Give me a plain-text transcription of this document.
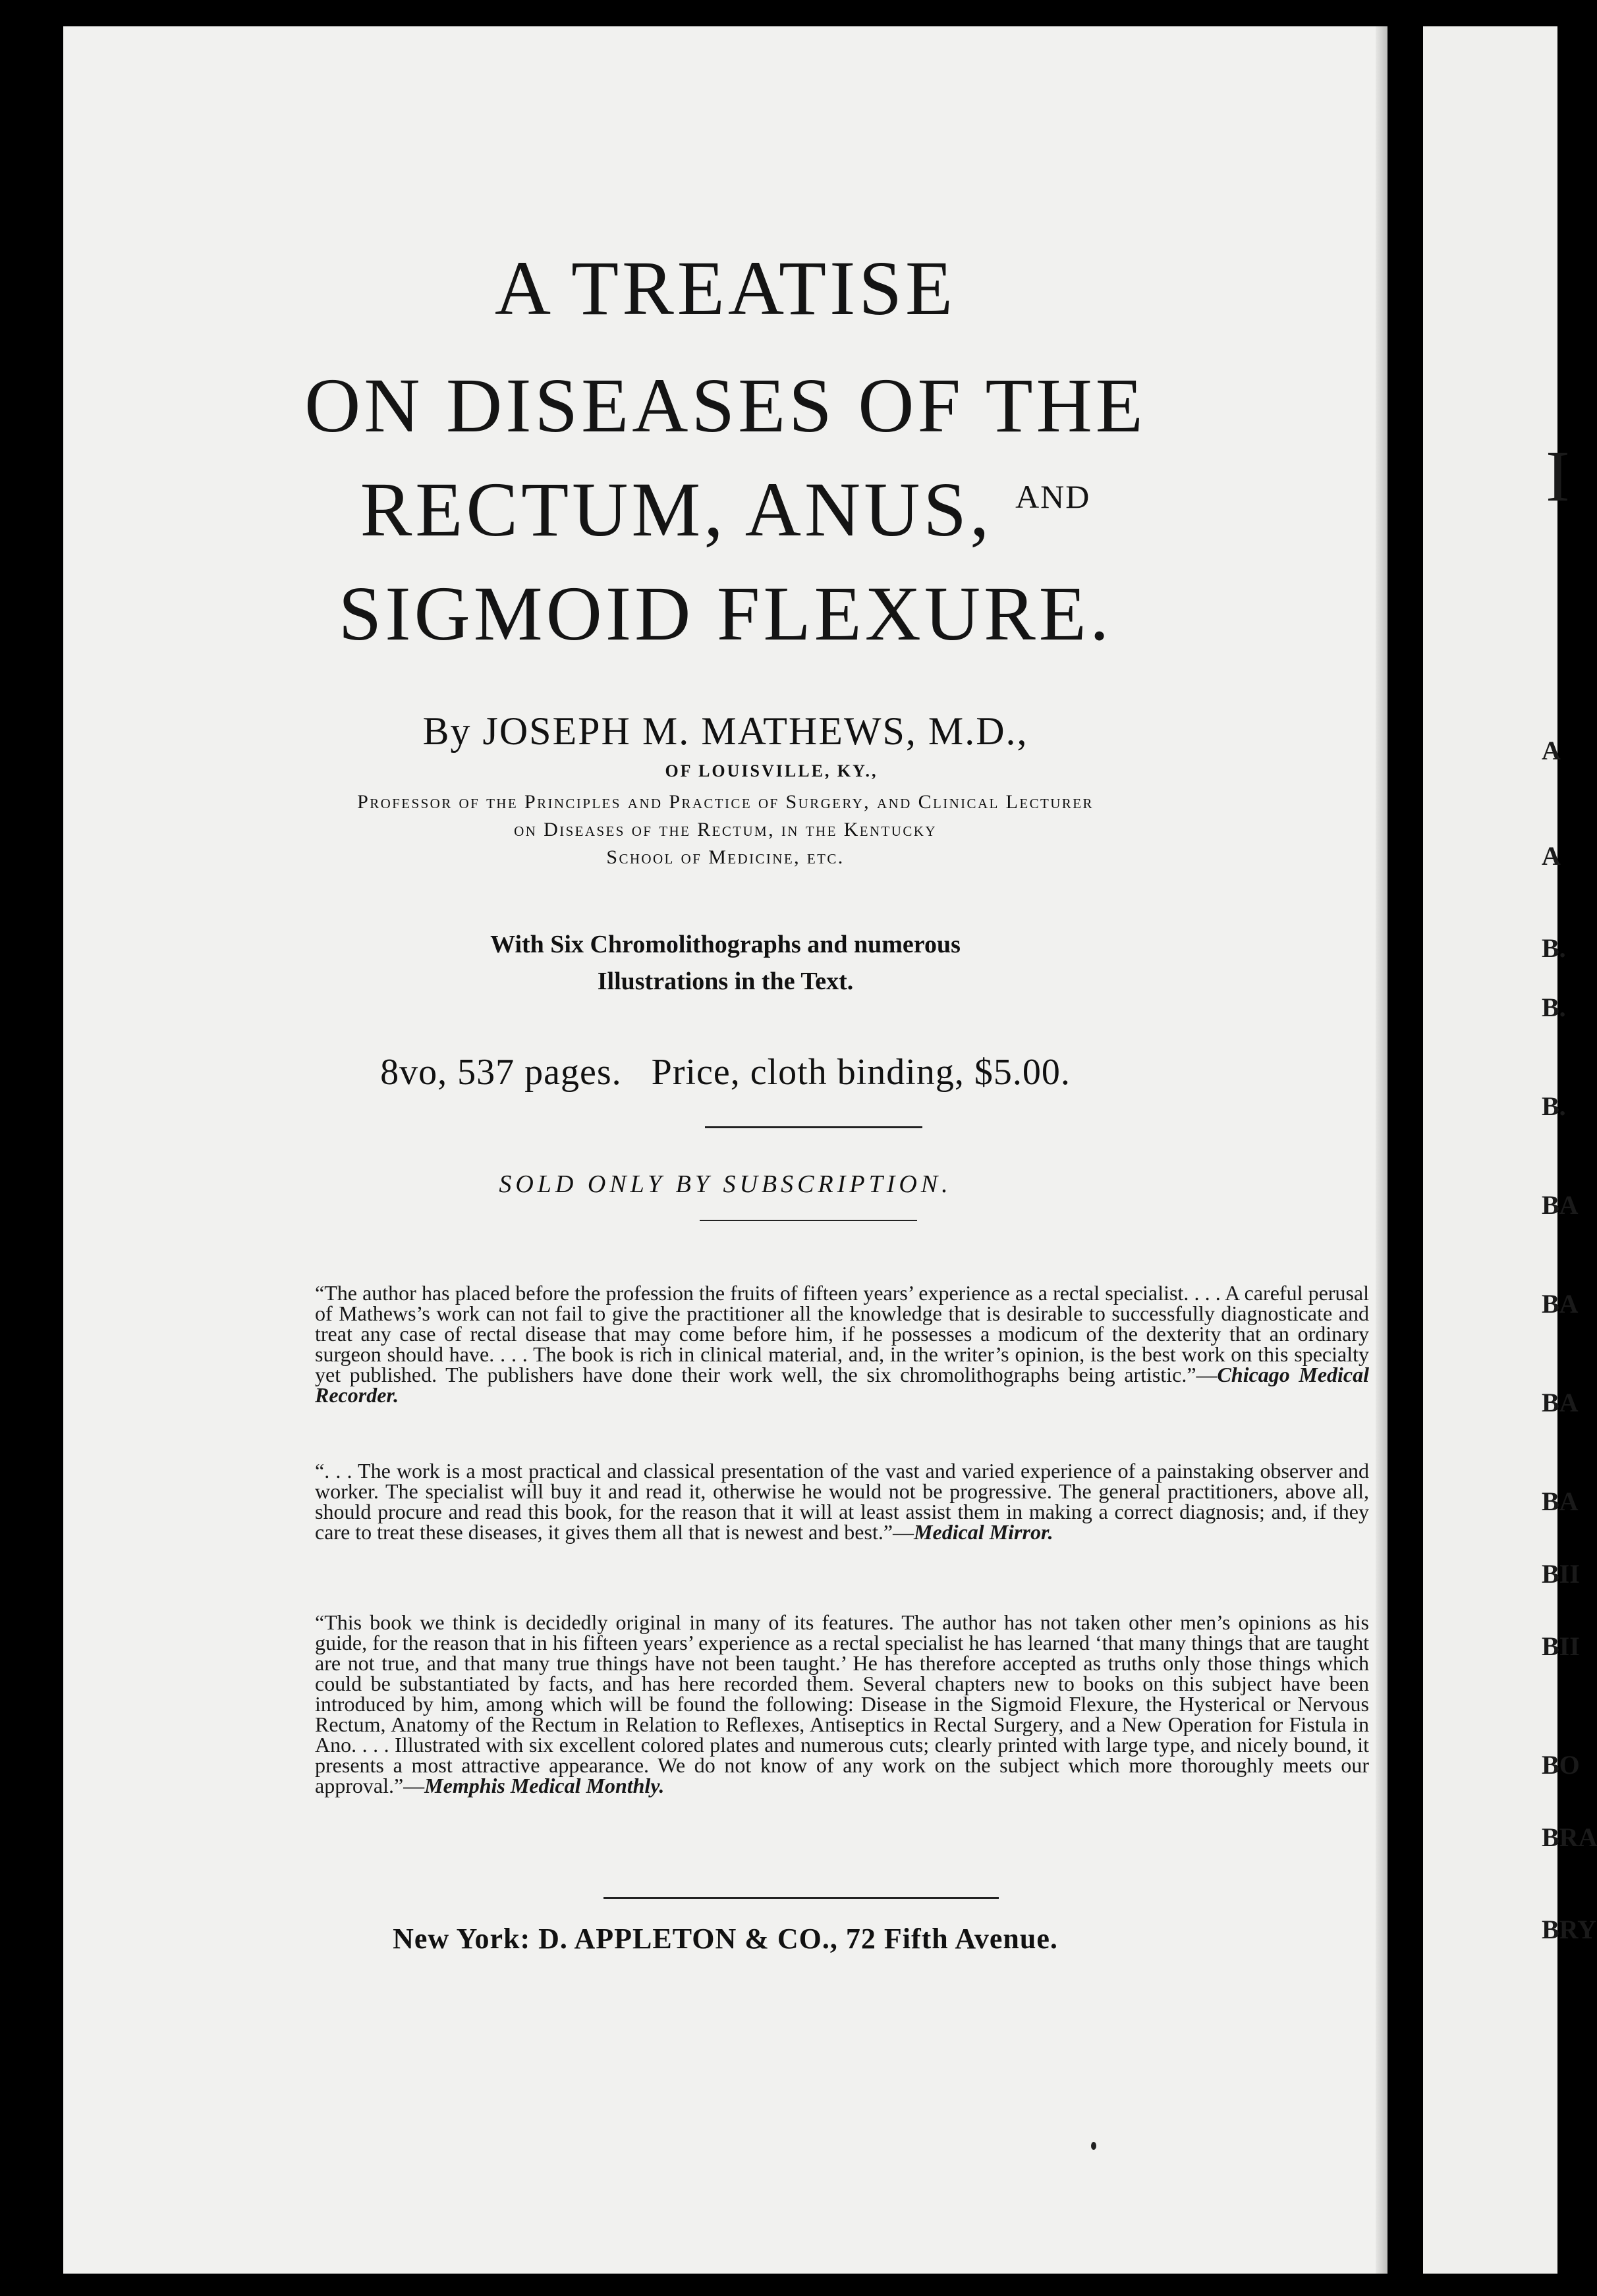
A TREATISE
ON DISEASES OF THE
RECTUM, ANUS, $^{AND}$
SIGMOID FLEXURE.
By JOSEPH M. MATHEWS, M.D.,
OF LOUISVILLE, KY.,
Professor of the Principles and Practice of Surgery, and Clinical Lecturer
on Diseases of the Rectum, in the Kentucky
School of Medicine, etc.
With Six Chromolithographs and numerous
Illustrations in the Text.
8vo, 537 pages.   Price, cloth binding, $5.00.
SOLD ONLY BY SUBSCRIPTION.
“The author has placed before the profession the fruits of fifteen years’ experience as a rectal specialist. . . . A careful perusal of Mathews’s work can not fail to give the practitioner all the knowledge that is desirable to successfully diagnosticate and treat any case of rectal disease that may come before him, if he possesses a modicum of the dexterity that an ordinary surgeon should have. . . . The book is rich in clinical material, and, in the writer’s opinion, is the best work on this specialty yet published. The publishers have done their work well, the six chromolithographs being artistic.”—Chicago Medical Recorder.
“. . . The work is a most practical and classical presentation of the vast and varied experience of a painstaking observer and worker. The specialist will buy it and read it, otherwise he would not be progressive. The general practitioners, above all, should procure and read this book, for the reason that it will at least assist them in making a correct diagnosis; and, if they care to treat these diseases, it gives them all that is newest and best.”—Medical Mirror.
“This book we think is decidedly original in many of its features. The author has not taken other men’s opinions as his guide, for the reason that in his fifteen years’ experience as a rectal specialist he has learned ‘that many things that are taught are not true, and that many true things have not been taught.’ He has therefore accepted as truths only those things which could be substantiated by facts, and has here recorded them. Several chapters new to books on this subject have been introduced by him, among which will be found the following: Disease in the Sigmoid Flexure, the Hysterical or Nervous Rectum, Anatomy of the Rectum in Relation to Reflexes, Antiseptics in Rectal Surgery, and a New Operation for Fistula in Ano. . . . Illustrated with six excellent colored plates and numerous cuts; clearly printed with large type, and nicely bound, it presents a most attractive appearance. We do not know of any work on the subject which more thoroughly meets our approval.”—Memphis Medical Monthly.
New York: D. APPLETON & CO., 72 Fifth Avenue.
I
A
A
B.
B.
B.
BA
BA
BA
BA
BII
BII
BO
BRA
BRY
